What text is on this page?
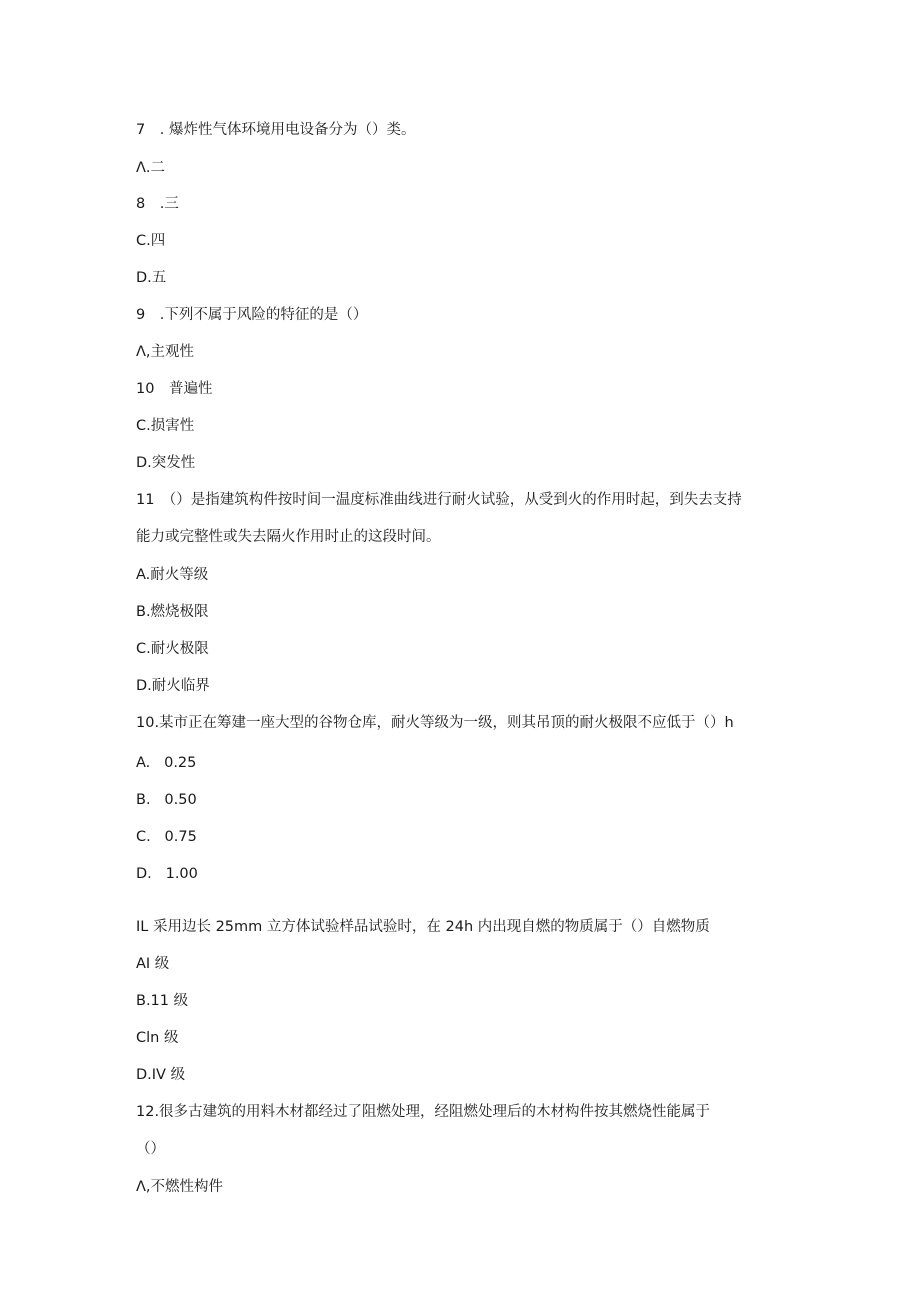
7　. 爆炸性气体环境用电设备分为（）类。
Λ.二
8　.三
C.四
D.五
9　.下列不属于风险的特征的是（）
Λ,主观性
10　普遍性
C.损害性
D.突发性
11　（）是指建筑构件按时间一温度标准曲线进行耐火试验，从受到火的作用时起，到失去支持
能力或完整性或失去隔火作用时止的这段时间。
A.耐火等级
B.燃烧极限
C.耐火极限
D.耐火临界
10.某市正在筹建一座大型的谷物仓库，耐火等级为一级，则其吊顶的耐火极限不应低于（）h
A.   0.25
B.   0.50
C.   0.75
D.   1.00
IL 采用边长 25mm 立方体试验样品试验时，在 24h 内出现自燃的物质属于（）自燃物质
AI 级
B.11 级
Cln 级
D.IV 级
12.很多古建筑的用料木材都经过了阻燃处理，经阻燃处理后的木材构件按其燃烧性能属于
（）
Λ,不燃性构件
